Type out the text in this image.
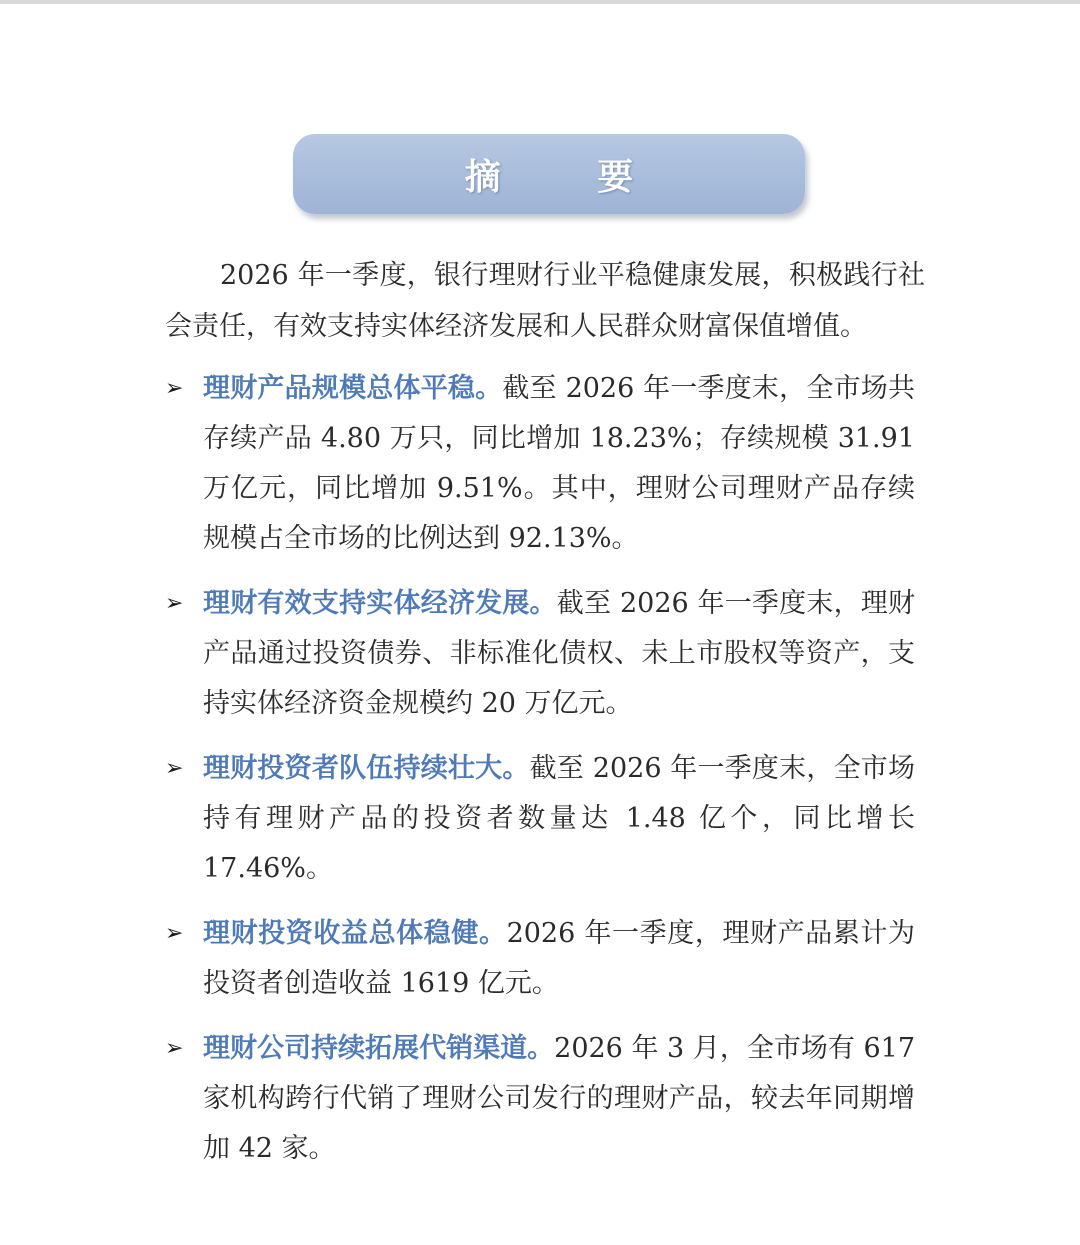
摘 要

2026 年一季度，银行理财行业平稳健康发展，积极践行社会责任，有效支持实体经济发展和人民群众财富保值增值。

➢ 理财产品规模总体平稳。截至 2026 年一季度末，全市场共存续产品 4.80 万只，同比增加 18.23%；存续规模 31.91 万亿元，同比增加 9.51%。其中，理财公司理财产品存续规模占全市场的比例达到 92.13%。
➢ 理财有效支持实体经济发展。截至 2026 年一季度末，理财产品通过投资债券、非标准化债权、未上市股权等资产，支持实体经济资金规模约 20 万亿元。
➢ 理财投资者队伍持续壮大。截至 2026 年一季度末，全市场持有理财产品的投资者数量达 1.48 亿个，同比增长 17.46%。
➢ 理财投资收益总体稳健。2026 年一季度，理财产品累计为投资者创造收益 1619 亿元。
➢ 理财公司持续拓展代销渠道。2026 年 3 月，全市场有 617 家机构跨行代销了理财公司发行的理财产品，较去年同期增加 42 家。
